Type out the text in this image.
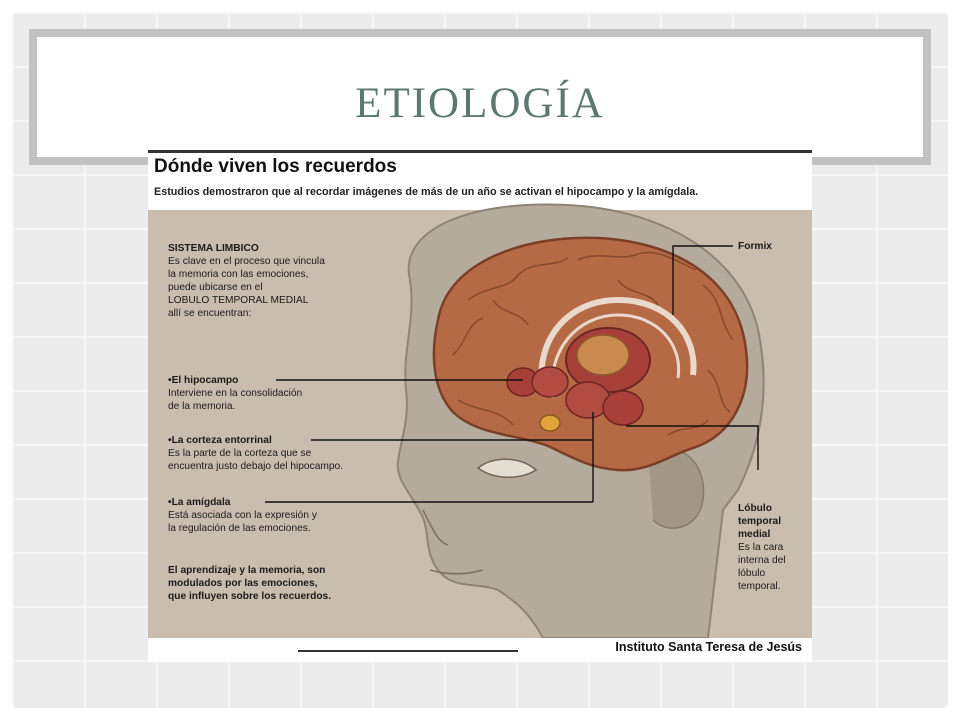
ETIOLOGÍA
Dónde viven los recuerdos
Estudios demostraron que al recordar imágenes de más de un año se activan el hipocampo y la amígdala.
SISTEMA LIMBICO
Es clave en el proceso que vincula
la memoria con las emociones,
puede ubicarse en el
LOBULO TEMPORAL MEDIAL
allí se encuentran:
•El hipocampo
Interviene en la consolidación
de la memoria.
•La corteza entorrinal
Es la parte de la corteza que se
encuentra justo debajo del hipocampo.
•La amígdala
Está asociada con la expresión y
la regulación de las emociones.
El aprendizaje y la memoria, son
modulados por las emociones,
que influyen sobre los recuerdos.
Formix
Lóbulo
temporal
medial
Es la cara
interna del
lóbulo
temporal.
Instituto Santa Teresa de Jesús
